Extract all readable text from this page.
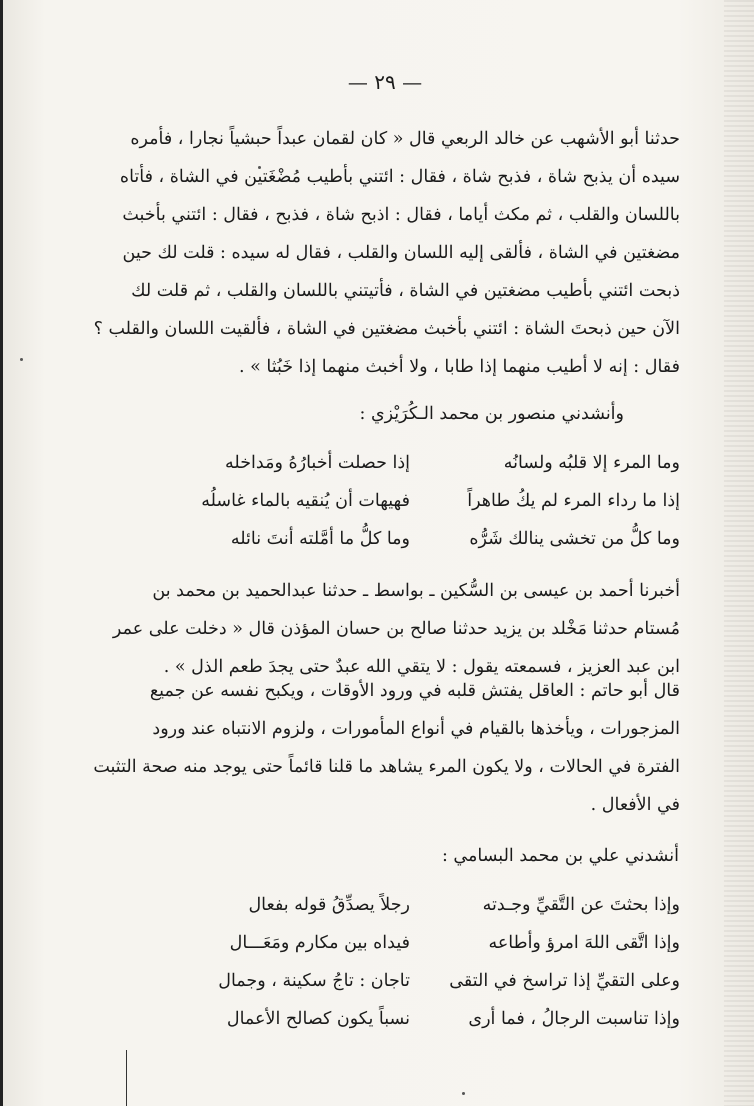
— ٢٩ —
حدثنا أبو الأشهب عن خالد الربعي قال « كان لقمان عبداً حبشياً نجارا ، فأمره
سيده أن يذبح شاة ، فذبح شاة ، فقال : ائتني بأطيب مُضْغَتين في الشاة ، فأتاه
باللسان والقلب ، ثم مكث أياما ، فقال : اذبح شاة ، فذبح ، فقال : ائتني بأخبث
مضغتين في الشاة ، فألقى إليه اللسان والقلب ، فقال له سيده : قلت لك حين
ذبحت ائتني بأطيب مضغتين في الشاة ، فأتيتني باللسان والقلب ، ثم قلت لك
الآن حين ذبحتَ الشاة : ائتني بأخبث مضغتين في الشاة ، فألقيت اللسان والقلب ؟
فقال : إنه لا أطيب منهما إذا طابا ، ولا أخبث منهما إذا خَبُثا » .
وأنشدني منصور بن محمد الـكُرَيْزي :
وما المرء إلا قلبُه ولسانُه
إذا حصلت أخبارُهُ ومَداخله
إذا ما رداء المرء لم يكُ طاهراً
فهيهات أن يُنقيه بالماء غاسلُه
وما كلُّ من تخشى ينالك شَرُّه
وما كلُّ ما أمَّلته أنتَ نائله
أخبرنا أحمد بن عيسى بن السُّكين ـ بواسط ـ حدثنا عبدالحميد بن محمد بن
مُستام حدثنا مَخْلد بن يزيد حدثنا صالح بن حسان المؤذن قال « دخلت على عمر
ابن عبد العزيز ، فسمعته يقول : لا يتقي الله عبدٌ حتى يجدَ طعم الذل » .
قال أبو حاتم : العاقل يفتش قلبه في ورود الأوقات ، ويكبح نفسه عن جميع
المزجورات ، ويأخذها بالقيام في أنواع المأمورات ، ولزوم الانتباه عند ورود
الفترة في الحالات ، ولا يكون المرء يشاهد ما قلنا قائماً حتى يوجد منه صحة التثبت
في الأفعال .
أنشدني علي بن محمد البسامي :
وإذا بحثتَ عن التَّقيِّ وجـدته
رجلاً يصدِّقُ قوله بفعال
وإذا اتَّقى اللهَ امرؤ وأطاعه
فيداه بين مكارم ومَعَـــال
وعلى التقيِّ إذا تراسخ في التقى
تاجان : تاجُ سكينة ، وجمال
وإذا تناسبت الرجالُ ، فما أرى
نسباً يكون كصالح الأعمال
